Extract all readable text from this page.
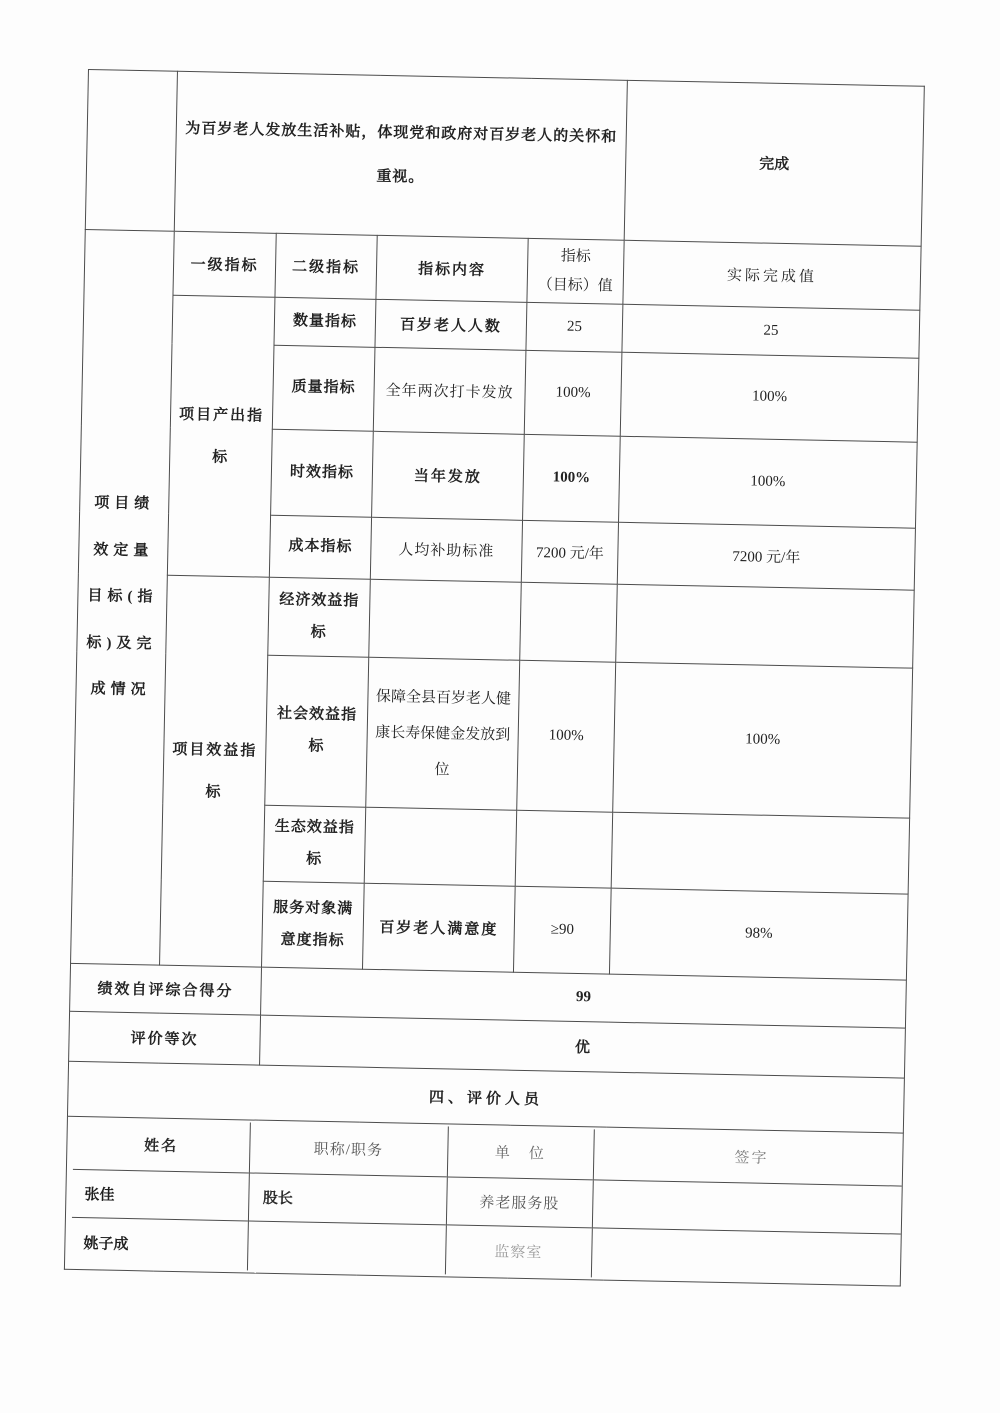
	为百岁老人发放生活补贴，体现党和政府对百岁老人的关怀和重视。	完成
项目绩效定量目标(指标)及完成情况	一级指标	二级指标	指标内容	
指标
（目标）值	实际完成值
项目产出指标	数量指标	百岁老人人数	25	25
质量指标	全年两次打卡发放	100%	100%
时效指标	当年发放	100%	100%
成本指标	人均补助标准	7200 元/年	7200 元/年
项目效益指标	经济效益指标			
社会效益指标	保障全县百岁老人健康长寿保健金发放到位	100%	100%
生态效益指标			
服务对象满意度指标	百岁老人满意度	≥90	98%
绩效自评综合得分	99
评价等次	优
四、评价人员

姓名	职称/职务	单　位	签字
张佳	股长	养老服务股	
姚子成		监察室	
